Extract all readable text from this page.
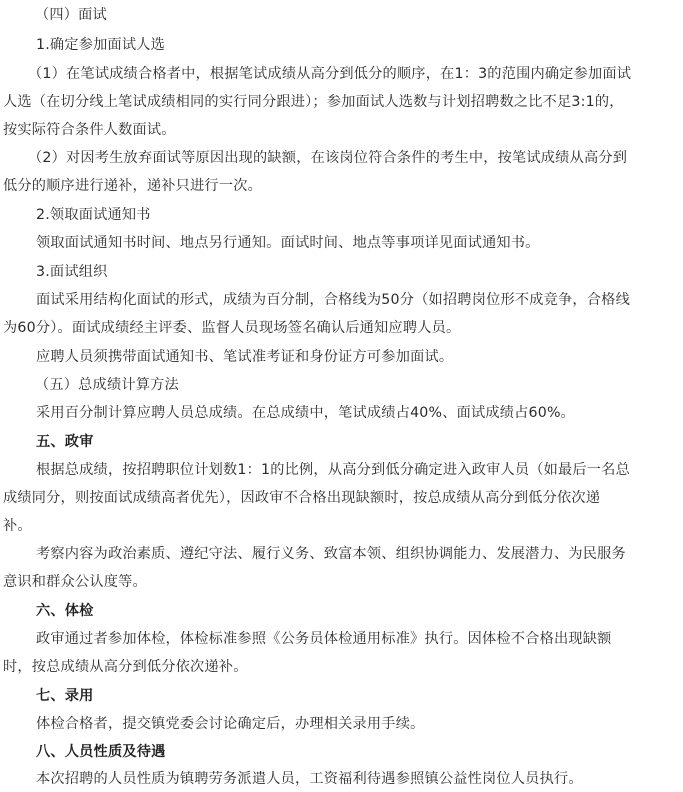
（四）面试
1.确定参加面试人选
（1）在笔试成绩合格者中，根据笔试成绩从高分到低分的顺序，在1：3的范围内确定参加面试
人选（在切分线上笔试成绩相同的实行同分跟进）；参加面试人选数与计划招聘数之比不足3:1的，
按实际符合条件人数面试。
（2）对因考生放弃面试等原因出现的缺额，在该岗位符合条件的考生中，按笔试成绩从高分到
低分的顺序进行递补，递补只进行一次。
2.领取面试通知书
领取面试通知书时间、地点另行通知。面试时间、地点等事项详见面试通知书。
3.面试组织
面试采用结构化面试的形式，成绩为百分制，合格线为50分（如招聘岗位形不成竞争，合格线
为60分）。面试成绩经主评委、监督人员现场签名确认后通知应聘人员。
应聘人员须携带面试通知书、笔试准考证和身份证方可参加面试。
（五）总成绩计算方法
采用百分制计算应聘人员总成绩。在总成绩中，笔试成绩占40%、面试成绩占60%。
五、政审
根据总成绩，按招聘职位计划数1：1的比例，从高分到低分确定进入政审人员（如最后一名总
成绩同分，则按面试成绩高者优先），因政审不合格出现缺额时，按总成绩从高分到低分依次递
补。
考察内容为政治素质、遵纪守法、履行义务、致富本领、组织协调能力、发展潜力、为民服务
意识和群众公认度等。
六、体检
政审通过者参加体检，体检标准参照《公务员体检通用标准》执行。因体检不合格出现缺额
时，按总成绩从高分到低分依次递补。
七、录用
体检合格者，提交镇党委会讨论确定后，办理相关录用手续。
八、人员性质及待遇
本次招聘的人员性质为镇聘劳务派遣人员，工资福利待遇参照镇公益性岗位人员执行。
